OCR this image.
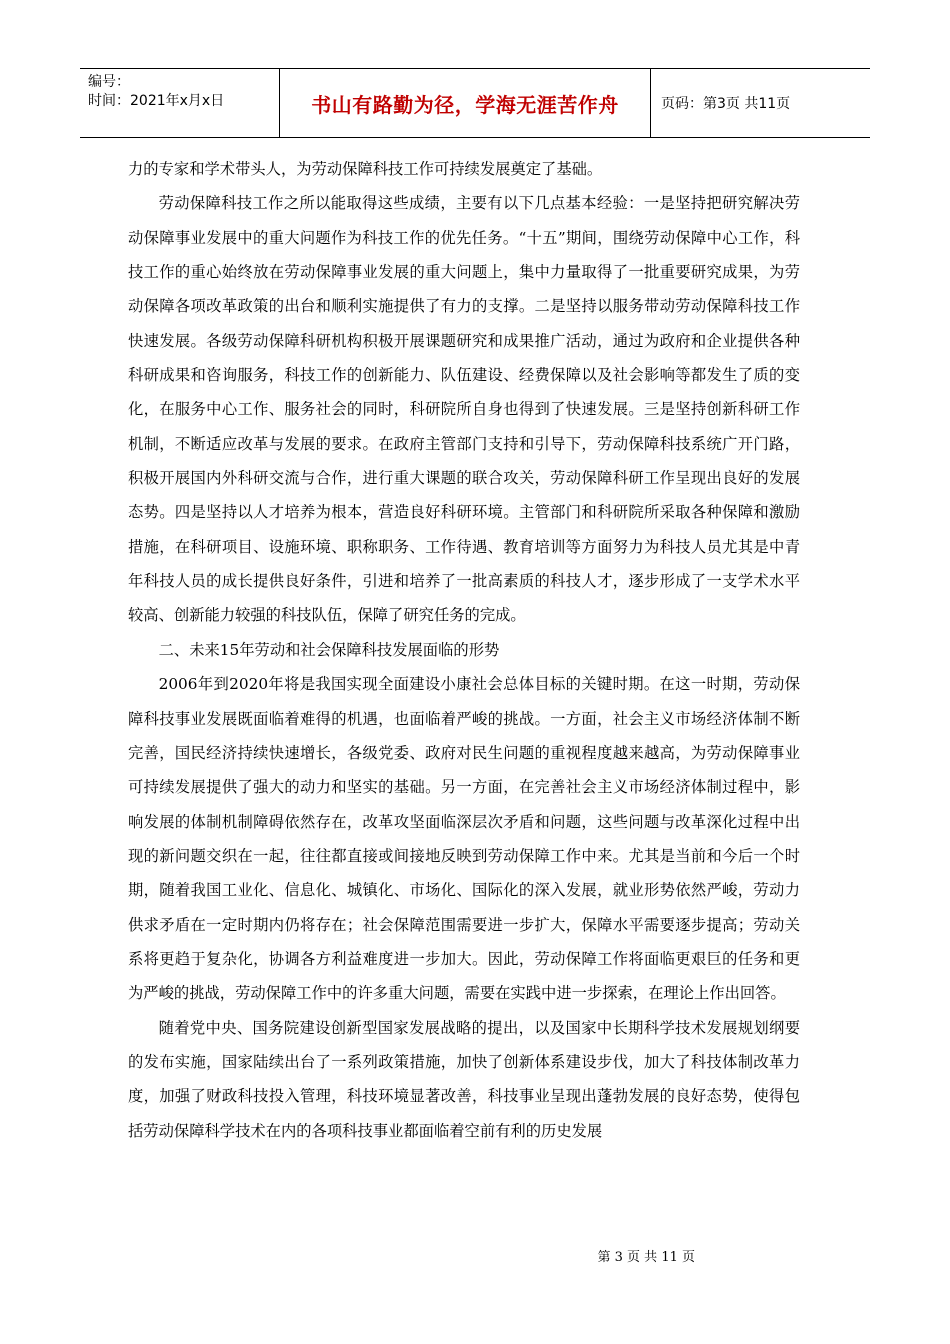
编号：
时间：2021年x月x日	书山有路勤为径，学海无涯苦作舟	页码：第3页 共11页

力的专家和学术带头人，为劳动保障科技工作可持续发展奠定了基础。

劳动保障科技工作之所以能取得这些成绩，主要有以下几点基本经验：一是坚持把研究解决劳动保障事业发展中的重大问题作为科技工作的优先任务。“十五”期间，围绕劳动保障中心工作，科技工作的重心始终放在劳动保障事业发展的重大问题上，集中力量取得了一批重要研究成果，为劳动保障各项改革政策的出台和顺利实施提供了有力的支撑。二是坚持以服务带动劳动保障科技工作快速发展。各级劳动保障科研机构积极开展课题研究和成果推广活动，通过为政府和企业提供各种科研成果和咨询服务，科技工作的创新能力、队伍建设、经费保障以及社会影响等都发生了质的变化，在服务中心工作、服务社会的同时，科研院所自身也得到了快速发展。三是坚持创新科研工作机制，不断适应改革与发展的要求。在政府主管部门支持和引导下，劳动保障科技系统广开门路，积极开展国内外科研交流与合作，进行重大课题的联合攻关，劳动保障科研工作呈现出良好的发展态势。四是坚持以人才培养为根本，营造良好科研环境。主管部门和科研院所采取各种保障和激励措施，在科研项目、设施环境、职称职务、工作待遇、教育培训等方面努力为科技人员尤其是中青年科技人员的成长提供良好条件，引进和培养了一批高素质的科技人才，逐步形成了一支学术水平较高、创新能力较强的科技队伍，保障了研究任务的完成。

二、未来15年劳动和社会保障科技发展面临的形势

2006年到2020年将是我国实现全面建设小康社会总体目标的关键时期。在这一时期，劳动保障科技事业发展既面临着难得的机遇，也面临着严峻的挑战。一方面，社会主义市场经济体制不断完善，国民经济持续快速增长，各级党委、政府对民生问题的重视程度越来越高，为劳动保障事业可持续发展提供了强大的动力和坚实的基础。另一方面，在完善社会主义市场经济体制过程中，影响发展的体制机制障碍依然存在，改革攻坚面临深层次矛盾和问题，这些问题与改革深化过程中出现的新问题交织在一起，往往都直接或间接地反映到劳动保障工作中来。尤其是当前和今后一个时期，随着我国工业化、信息化、城镇化、市场化、国际化的深入发展，就业形势依然严峻，劳动力供求矛盾在一定时期内仍将存在；社会保障范围需要进一步扩大，保障水平需要逐步提高；劳动关系将更趋于复杂化，协调各方利益难度进一步加大。因此，劳动保障工作将面临更艰巨的任务和更为严峻的挑战，劳动保障工作中的许多重大问题，需要在实践中进一步探索，在理论上作出回答。

随着党中央、国务院建设创新型国家发展战略的提出，以及国家中长期科学技术发展规划纲要的发布实施，国家陆续出台了一系列政策措施，加快了创新体系建设步伐，加大了科技体制改革力度，加强了财政科技投入管理，科技环境显著改善，科技事业呈现出蓬勃发展的良好态势，使得包括劳动保障科学技术在内的各项科技事业都面临着空前有利的历史发展

第 3 页 共 11 页
